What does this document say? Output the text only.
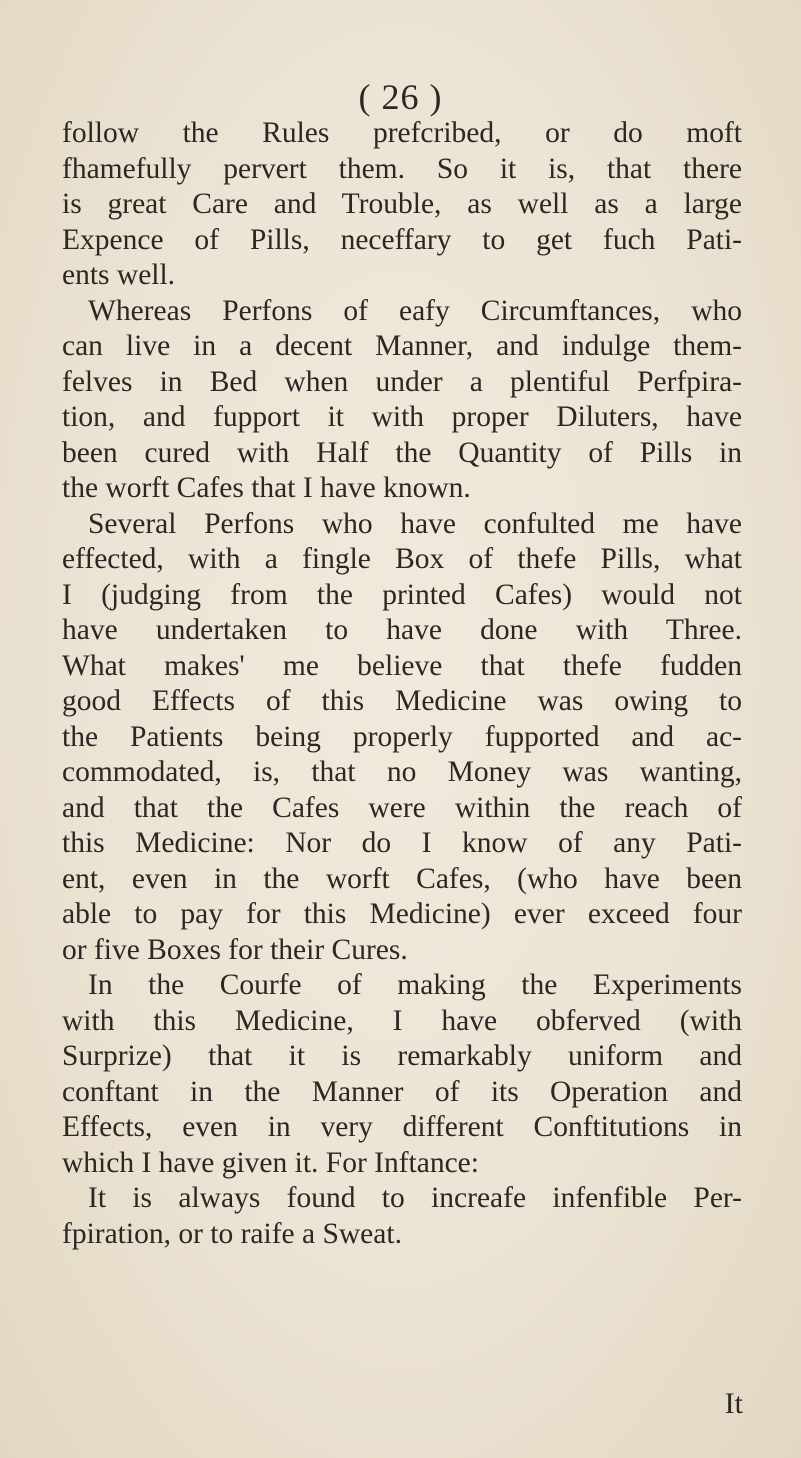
( 26 )
follow the Rules prefcribed, or do moft
fhamefully pervert them. So it is, that there
is great Care and Trouble, as well as a large
Expence of Pills, neceffary to get fuch Pati-
ents well.
Whereas Perfons of eafy Circumftances, who
can live in a decent Manner, and indulge them-
felves in Bed when under a plentiful Perfpira-
tion, and fupport it with proper Diluters, have
been cured with Half the Quantity of Pills in
the worft Cafes that I have known.
Several Perfons who have confulted me have
effected, with a fingle Box of thefe Pills, what
I (judging from the printed Cafes) would not
have undertaken to have done with Three.
What makes' me believe that thefe fudden
good Effects of this Medicine was owing to
the Patients being properly fupported and ac-
commodated, is, that no Money was wanting,
and that the Cafes were within the reach of
this Medicine: Nor do I know of any Pati-
ent, even in the worft Cafes, (who have been
able to pay for this Medicine) ever exceed four
or five Boxes for their Cures.
In the Courfe of making the Experiments
with this Medicine, I have obferved (with
Surprize) that it is remarkably uniform and
conftant in the Manner of its Operation and
Effects, even in very different Conftitutions in
which I have given it. For Inftance:
It is always found to increafe infenfible Per-
fpiration, or to raife a Sweat.
It
